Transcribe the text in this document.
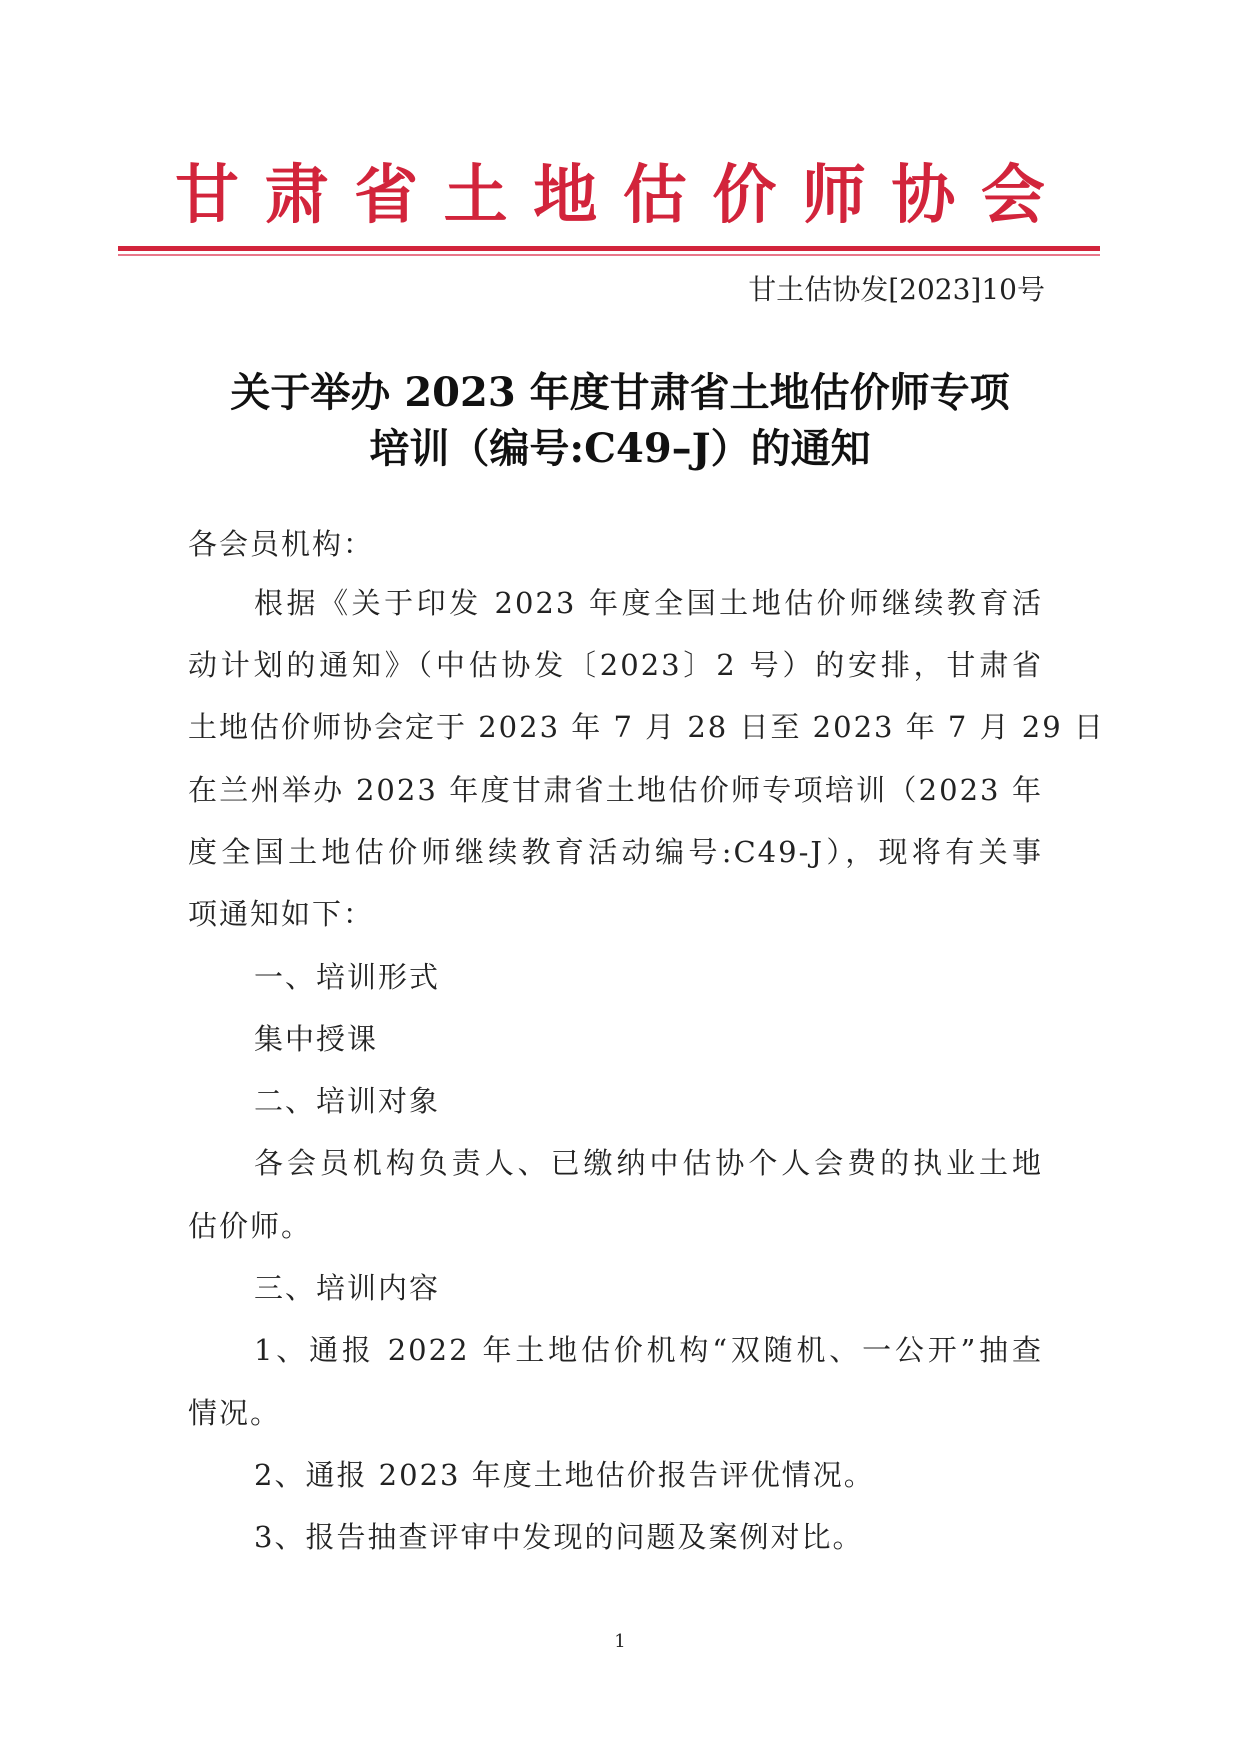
甘 肃 省 土 地 估 价 师 协 会
甘土估协发[2023]10号
关于举办 2023 年度甘肃省土地估价师专项
培训（编号:C49–J）的通知
各会员机构：
根据《关于印发 2023 年度全国土地估价师继续教育活
动计划的通知》（中估协发〔2023〕2 号）的安排，甘肃省
土地估价师协会定于 2023 年 7 月 28 日至 2023 年 7 月 29 日
在兰州举办 2023 年度甘肃省土地估价师专项培训（2023 年
度全国土地估价师继续教育活动编号:C49-J），现将有关事
项通知如下：
一、培训形式
集中授课
二、培训对象
各会员机构负责人、已缴纳中估协个人会费的执业土地
估价师。
三、培训内容
1、通报 2022 年土地估价机构“双随机、一公开”抽查
情况。
2、通报 2023 年度土地估价报告评优情况。
3、报告抽查评审中发现的问题及案例对比。
1
